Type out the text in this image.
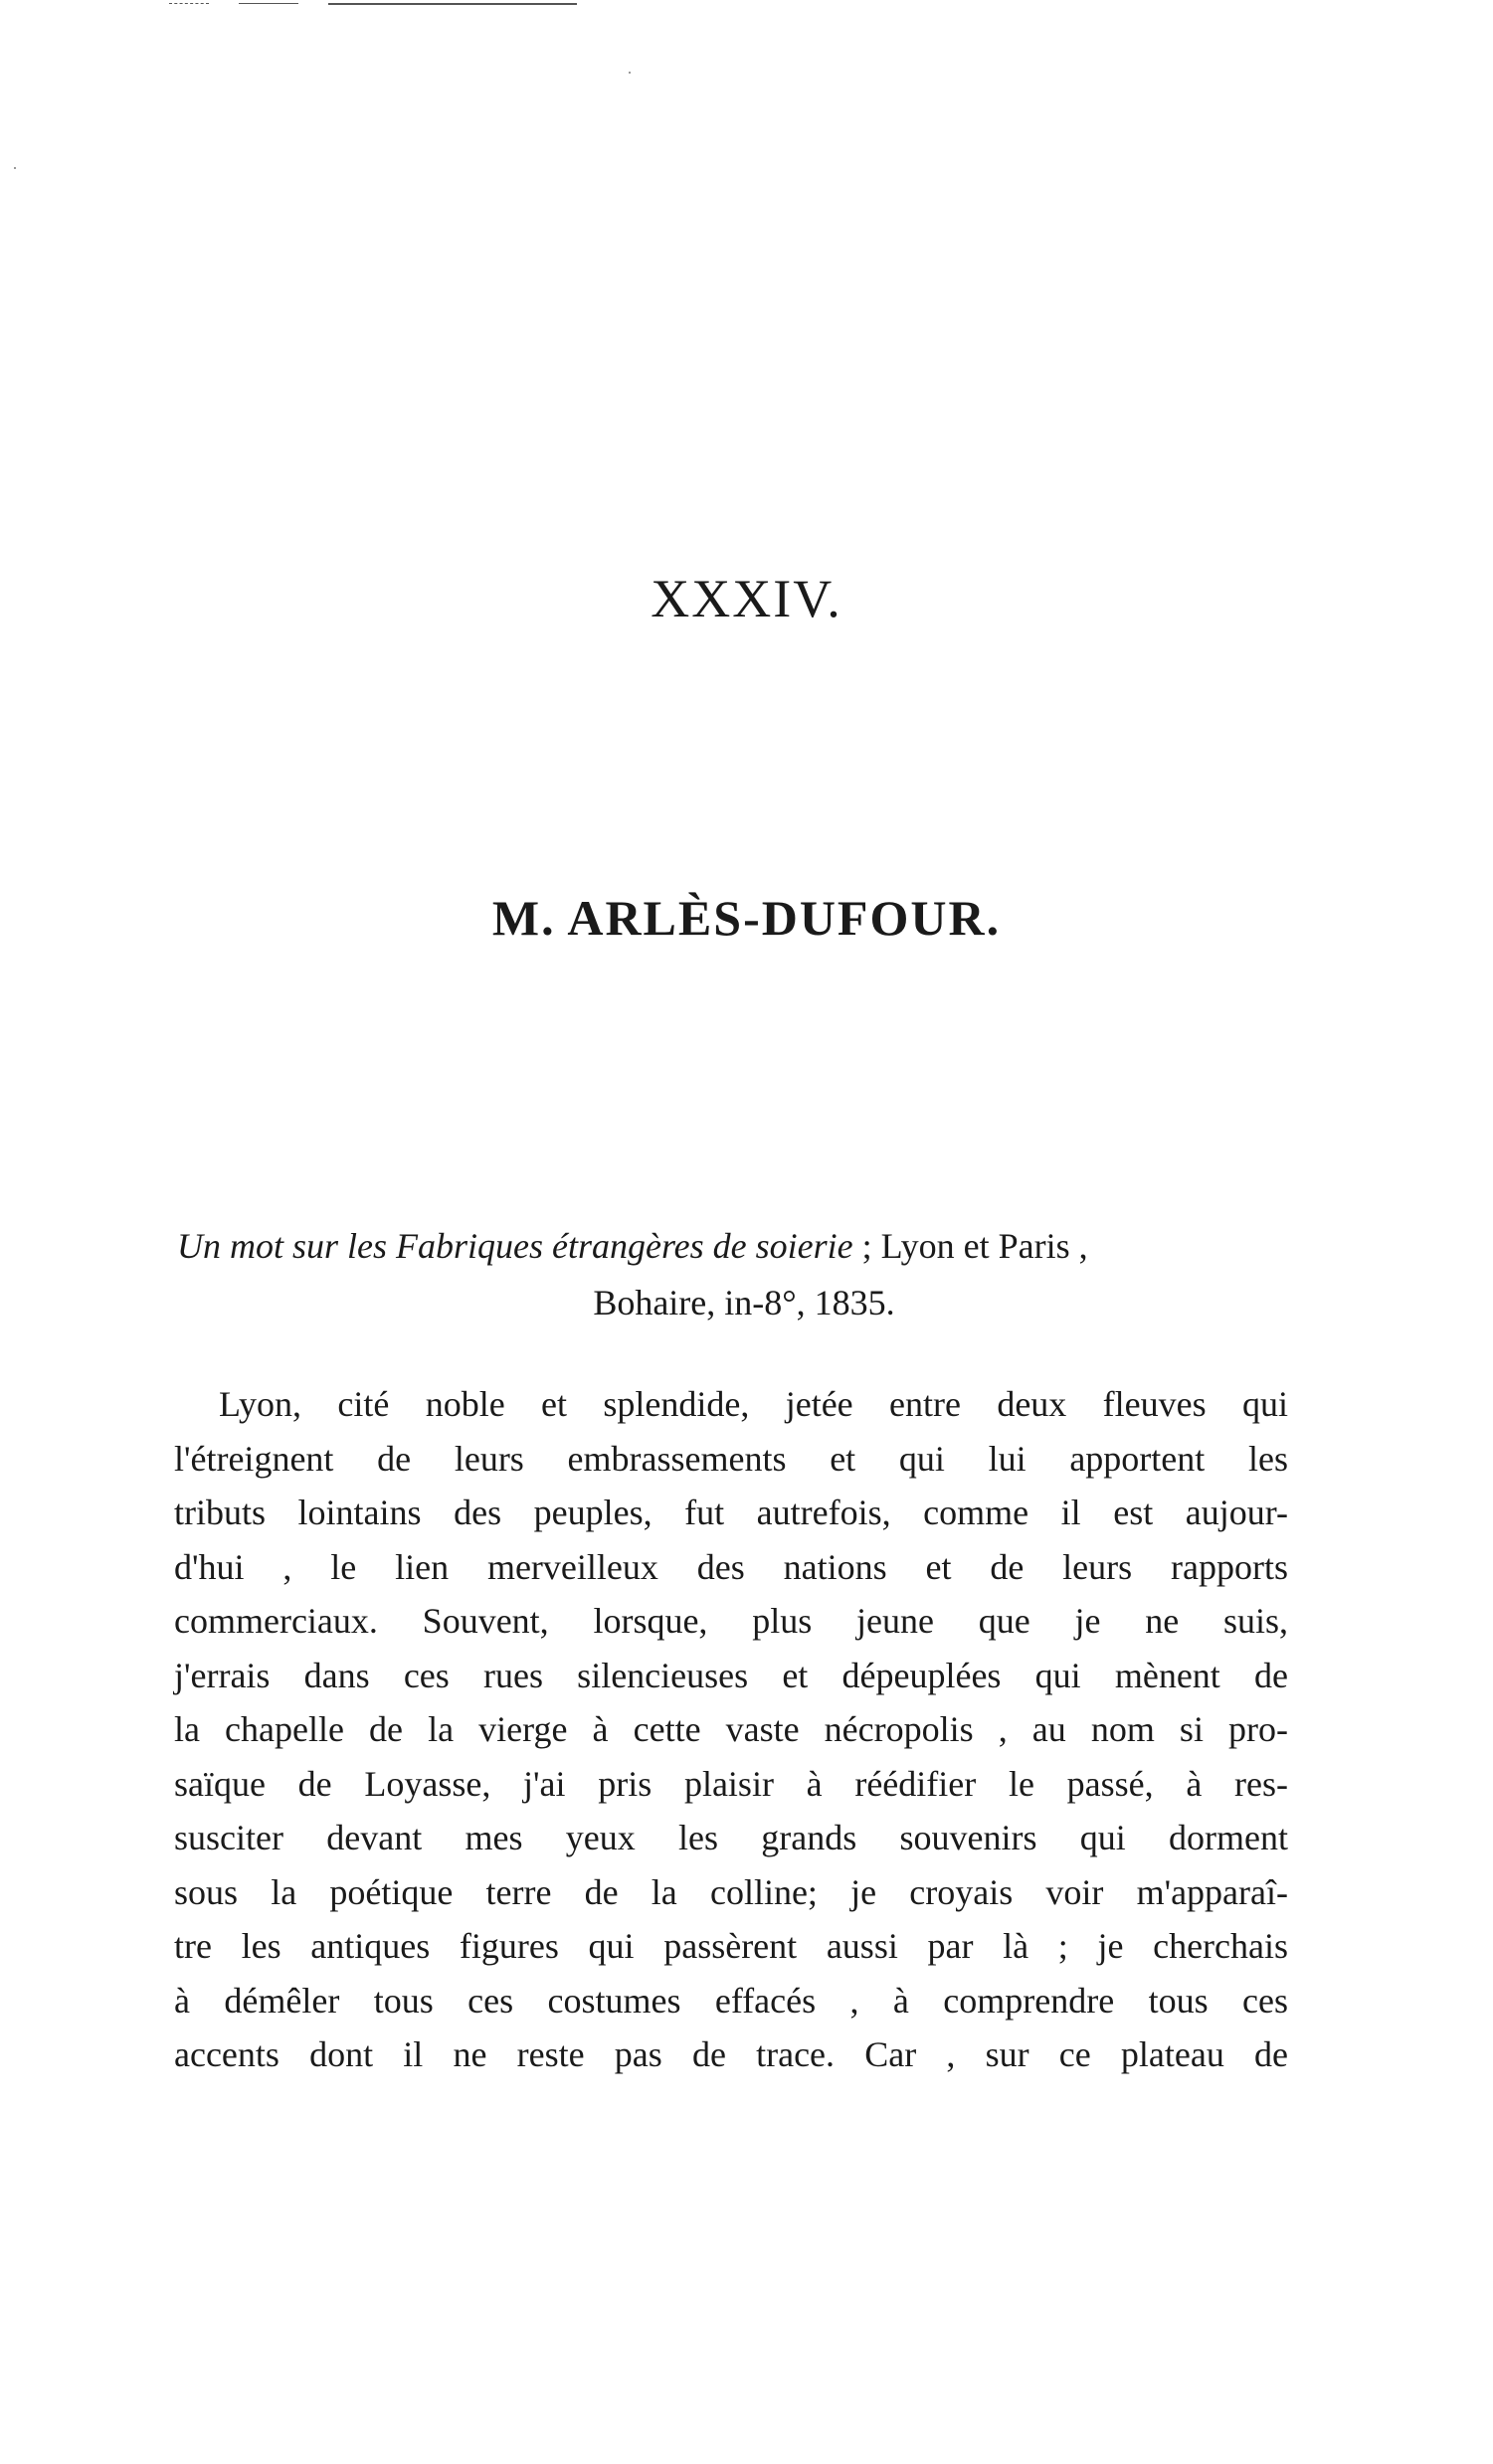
XXXIV.
M. ARLÈS-DUFOUR.
Un mot sur les Fabriques étrangères de soierie ; Lyon et Paris ,
Bohaire, in-8°, 1835.
Lyon, cité noble et splendide, jetée entre deux fleuves qui
l'étreignent de leurs embrassements et qui lui apportent les
tributs lointains des peuples, fut autrefois, comme il est aujour-
d'hui , le lien merveilleux des nations et de leurs rapports
commerciaux. Souvent, lorsque, plus jeune que je ne suis,
j'errais dans ces rues silencieuses et dépeuplées qui mènent de
la chapelle de la vierge à cette vaste nécropolis , au nom si pro-
saïque de Loyasse, j'ai pris plaisir à réédifier le passé, à res-
susciter devant mes yeux les grands souvenirs qui dorment
sous la poétique terre de la colline; je croyais voir m'apparaî-
tre les antiques figures qui passèrent aussi par là ; je cherchais
à démêler tous ces costumes effacés , à comprendre tous ces
accents dont il ne reste pas de trace. Car , sur ce plateau de
